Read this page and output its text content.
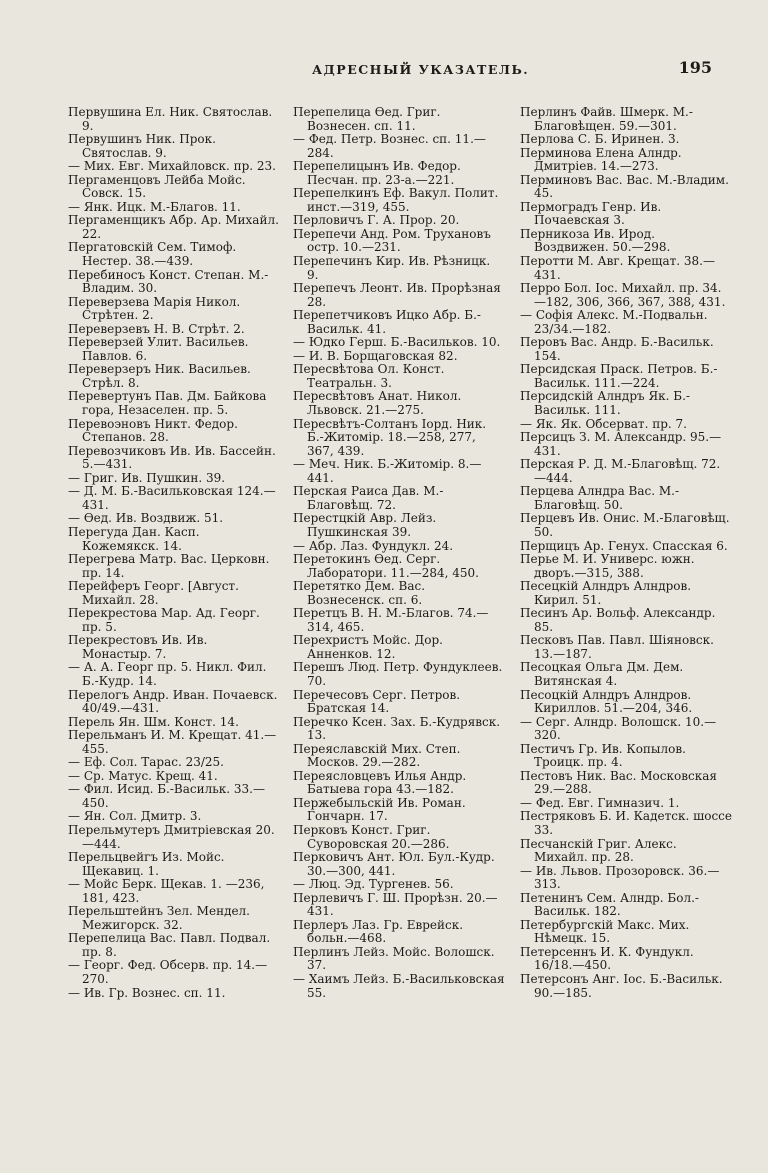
АДРЕСНЫЙ УКАЗАТЕЛЬ.	195

Первушина Ел. Ник. Святослав. 9.

Первушинъ Ник. Прок. Святослав. 9.

— Мих. Евг. Михайловск. пр. 23.

Пергаменцовъ Лейба Мойс. Совск. 15.

— Янк. Ицк. М.-Благов. 11.

Пергаменщикъ Абр. Ар. Михайл. 22.

Пергатовскій Сем. Тимоф. Нестер. 38.—439.

Перебиносъ Конст. Степан. М.-Владим. 30.

Переверзева Марія Никол. Стрѣтен. 2.

Переверзевъ Н. В. Стрѣт. 2.

Переверзей Улит. Васильев. Павлов. 6.

Переверзеръ Ник. Васильев. Стрѣл. 8.

Перевертунъ Пав. Дм. Байкова гора, Незаселен. пр. 5.

Перевоэновъ Никт. Федор. Степанов. 28.

Перевозчиковъ Ив. Ив. Бассейн. 5.—431.

— Григ. Ив. Пушкин. 39.

— Д. М. Б.-Васильковская 124.—431.

— Ѳед. Ив. Воздвиж. 51.

Перегуда Дан. Касп. Кожемякск. 14.

Перегрева Матр. Вас. Церковн. пр. 14.

Перейферъ Георг. [Август. Михайл. 28.

Перекрестова Мар. Ад. Георг. пр. 5.

Перекрестовъ Ив. Ив. Монастыр. 7.

— А. А. Георг пр. 5. Никл. Фил. Б.-Кудр. 14.

Перелогъ Андр. Иван. Почаевск. 40/49.—431.

Перель Ян. Шм. Конст. 14.

Перельманъ И. М. Крещат. 41.—455.

— Еф. Сол. Тарас. 23/25.

— Ср. Матус. Крещ. 41.

— Фил. Исид. Б.-Васильк. 33.—450.

— Ян. Сол. Дмитр. 3.

Перельмутеръ Дмитріевская 20.—444.

Перельцвейгъ Из. Мойс. Щекавиц. 1.

— Мойс Берк. Щекав. 1. —236, 181, 423.

Перельштейнъ Зел. Мендел. Межигорск. 32.

Перепелица Вас. Павл. Подвал. пр. 8.

— Георг. Фед. Обсерв. пр. 14.—270.

— Ив. Гр. Вознес. сп. 11.

Перепелица Ѳед. Григ. Вознесен. сп. 11.

— Фед. Петр. Вознес. сп. 11.—284.

Перепелицынъ Ив. Федор. Песчан. пр. 23-а.—221.

Перепелкинъ Еф. Вакул. Полит. инст.—319, 455.

Перловичъ Г. А. Прор. 20.

Перепечи Анд. Ром. Трухановъ остр. 10.—231.

Перепечинъ Кир. Ив. Рѣзницк. 9.

Перепечъ Леонт. Ив. Прорѣзная 28.

Перепетчиковъ Ицко Абр. Б.-Васильк. 41.

— Юдко Герш. Б.-Васильков. 10.

— И. В. Борщаговская 82.

Пересвѣтова Ол. Конст. Театральн. 3.

Пересвѣтовъ Анат. Никол. Львовск. 21.—275.

Пересвѣтъ-Солтанъ Іорд. Ник. Б.-Житомір. 18.—258, 277, 367, 439.

— Меч. Ник. Б.-Житомір. 8.—441.

Перская Раиса Дав. М.-Благовѣщ. 72.

Перестцкій Авр. Лейз. Пушкинская 39.

— Абр. Лаз. Фундукл. 24.

Перетокинъ Ѳед. Серг. Лаборатори. 11.—284, 450.

Перетятко Дем. Вас. Вознесенск. сп. 6.

Перетцъ В. Н. М.-Благов. 74.—314, 465.

Перехристъ Мойс. Дор. Анненков. 12.

Перешъ Люд. Петр. Фундуклеев. 70.

Перечесовъ Серг. Петров. Братская 14.

Перечко Ксен. Зах. Б.-Кудрявск. 13.

Переяславскій Мих. Степ. Москов. 29.—282.

Переясловцевъ Илья Андр. Батыева гора 43.—182.

Пержебыльскій Ив. Роман. Гончарн. 17.

Перковъ Конст. Григ. Суворовская 20.—286.

Перковичъ Ант. Юл. Бул.-Кудр. 30.—300, 441.

— Люц. Эд. Тургенев. 56.

Перлевичъ Г. Ш. Прорѣзн. 20.—431.

Перлеръ Лаз. Гр. Еврейск. больн.—468.

Перлинъ Лейз. Мойс. Волошск. 37.

— Хаимъ Лейз. Б.-Васильковская 55.

Перлинъ Файв. Шмерк. М.-Благовѣщен. 59.—301.

Перлова С. Б. Иринен. 3.

Перминова Елена Алндр. Дмитріев. 14.—273.

Перминовъ Вас. Вас. М.-Владим. 45.

Пермоградъ Генр. Ив. Почаевская 3.

Перникоза Ив. Ирод. Воздвижен. 50.—298.

Перотти М. Авг. Крещат. 38.—431.

Перро Бол. Іос. Михайл. пр. 34.—182, 306, 366, 367, 388, 431.

— Софія Алекс. М.-Подвальн. 23/34.—182.

Перовъ Вас. Андр. Б.-Васильк. 154.

Персидская Праск. Петров. Б.-Васильк. 111.—224.

Персидскій Алндръ Як. Б.-Васильк. 111.

— Як. Як. Обсерват. пр. 7.

Персицъ З. М. Александр. 95.—431.

Перская Р. Д. М.-Благовѣщ. 72.—444.

Перцева Алндра Вас. М.-Благовѣщ. 50.

Перцевъ Ив. Онис. М.-Благовѣщ. 50.

Перщицъ Ар. Генух. Спасская 6.

Перье М. И. Универс. южн. дворъ.—315, 388.

Песецкій Алндръ Алндров. Кирил. 51.

Песинъ Ар. Вольф. Александр. 85.

Песковъ Пав. Павл. Шіяновск. 13.—187.

Песоцкая Ольга Дм. Дем. Витянская 4.

Песоцкій Алндръ Алндров. Кириллов. 51.—204, 346.

— Серг. Алндр. Волошск. 10.—320.

Пестичъ Гр. Ив. Копылов. Троицк. пр. 4.

Пестовъ Ник. Вас. Московская 29.—288.

— Фед. Евг. Гимназич. 1.

Пестряковъ Б. И. Кадетск. шоссе 33.

Песчанскій Григ. Алекс. Михайл. пр. 28.

— Ив. Львов. Прозоровск. 36.—313.

Петенинъ Сем. Алндр. Бол.-Васильк. 182.

Петербургскій Макс. Мих. Нѣмецк. 15.

Петерсеннъ И. К. Фундукл. 16/18.—450.

Петерсонъ Анг. Іос. Б.-Васильк. 90.—185.
